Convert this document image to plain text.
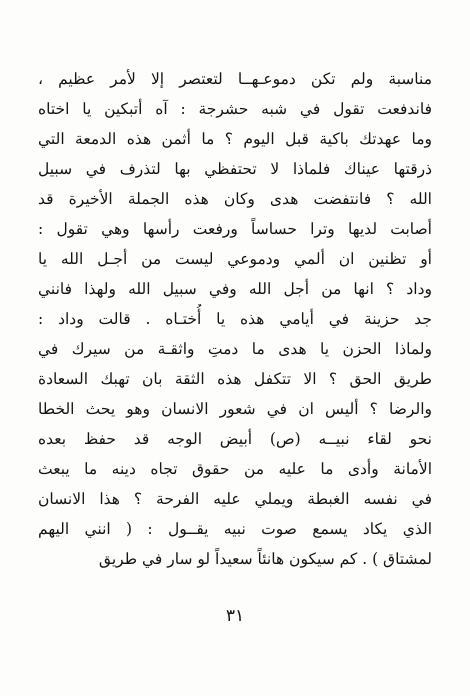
مناسبة ولم تكن دموعـهــا لتعتصر إلا لأمر عظيم ،
فاندفعت تقول في شبه حشرجة : آه أتبكين يا اختاه
وما عهدتك باكية قبل اليوم ؟ ما أثمن هذه الدمعة التي
ذرقتها عيناك فلماذا لا تحتفظي بها لتذرف في سبيل
الله ؟ فانتفضت هدى وكان هذه الجملة الأخيرة قد
أصابت لديها وترا حساساً ورفعت رأسها وهي تقول :
أو تظنين ان ألمي ودموعي ليست من أجـل الله يا
وداد ؟ انها من أجل الله وفي سبيل الله ولهذا فانني
جد حزينة في أيامي هذه يا أُختـاه . قالت وداد :
ولماذا الحزن يا هدى ما دمتِ واثقـة من سيرك في
طريق الحق ؟ الا تتكفل هذه الثقة بان تهبك السعادة
والرضا ؟ أليس ان في شعور الانسان وهو يحث الخطا
نحو لقاء نبيــه (ص) أبيض الوجه قد حفظ بعده
الأمانة وأدى ما عليه من حقوق تجاه دينه ما يبعث
في نفسه الغبطة ويملي عليه الفرحة ؟ هذا الانسان
الذي يكاد يسمع صوت نبيه يقــول : ( انني اليهم
لمشتاق ) . كم سيكون هانئاً سعيداً لو سار في طريق
٣١
